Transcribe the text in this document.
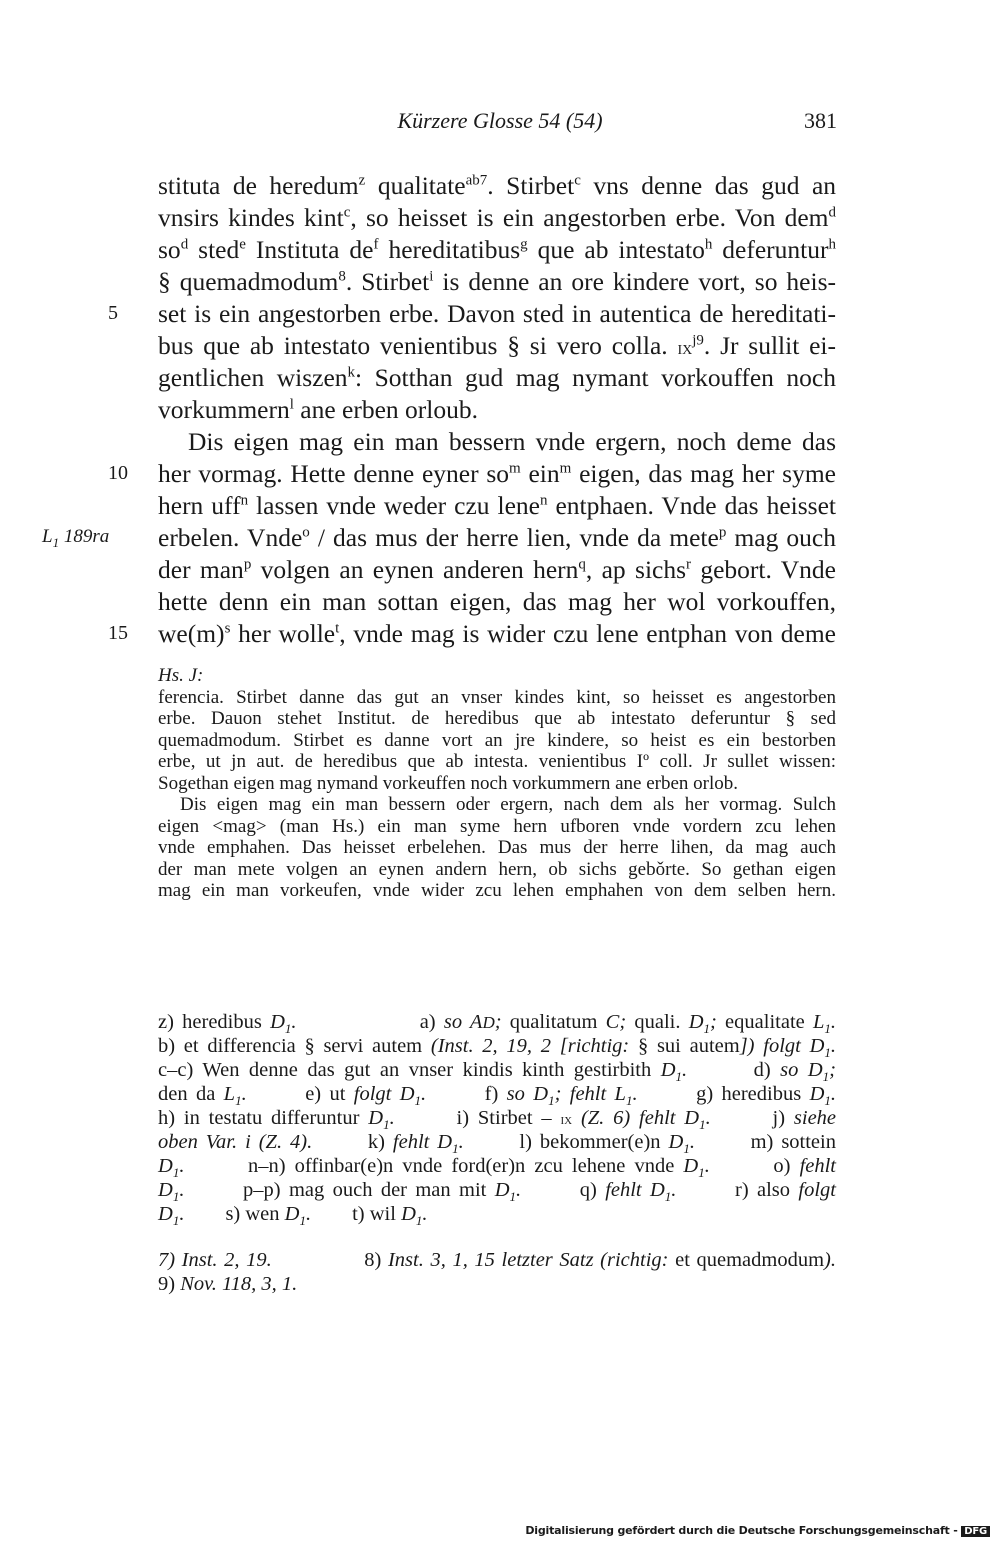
Kürzere Glosse 54 (54)	381
5
10
15
$L_1$ 189ra
stituta de heredum$^z$ qualitate$^{ab7}$. Stirbet$^c$ vns denne das gud an
vnsirs kindes kint$^c$, so heisset is ein angestorben erbe. Von dem$^d$
$so^d$ sted$^e$ Instituta $de^f$ hereditatibus$^g$ que ab intestato$^h$ deferuntur$^h$
§ quemadmodum$^8$. Stirbet$^i$ is denne an ore kindere vort, so heis-
set is ein angestorben erbe. Davon sted in autentica de hereditati-
bus que ab intestato venientibus § si vero colla. $ix^{j9}$. Jr sullit ei-
gentlichen wiszen$^k$: Sotthan gud mag nymant vorkouffen noch
vorkummern$^l$ ane erben orloub.
Dis eigen mag ein man bessern vnde ergern, noch deme das
her vormag. Hette denne eyner $so^m$ ein$^m$ eigen, das mag her syme
hern uff$^n$ lassen vnde weder czu lene$^n$ entphaen. Vnde das heisset
erbelen. Vnde$^o$ / das mus der herre lien, vnde da mete$^p$ mag ouch
der man$^p$ volgen an eynen anderen hern$^q$, ap sichs$^r$ gebort. Vnde
hette denn ein man sottan eigen, das mag her wol vorkouffen,
$we(m)^s$ her wolle$^t$, vnde mag is wider czu lene entphan von deme
Hs. J:
ferencia. Stirbet danne das gut an vnser kindes kint, so heisset es angestorben
erbe. Dauon stehet Institut. de heredibus que ab intestato deferuntur § sed
quemadmodum. Stirbet es danne vort an jre kindere, so heist es ein bestorben
erbe, ut jn aut. de heredibus que ab intesta. venientibus Iº coll. Jr sullet wissen:
Sogethan eigen mag nymand vorkeuffen noch vorkummern ane erben orlob.
Dis eigen mag ein man bessern oder ergern, nach dem als her vormag. Sulch
eigen <mag> (man Hs.) ein man syme hern ufboren vnde vordern zcu lehen
vnde emphahen. Das heisset erbelehen. Das mus der herre lihen, da mag auch
der man mete volgen an eynen andern hern, ob sichs gebǒrte. So gethan eigen
mag ein man vorkeufen, vnde wider zcu lehen emphahen von dem selben hern.
z) heredibus $D_1$.               a) so AD; qualitatum C; quali. $D_1$; equalitate $L_1$.
b) et differencia § servi autem (Inst. 2, 19, 2 [richtig: § sui autem]) folgt $D_1$.
c–c) Wen denne das gut an vnser kindis kinth gestirbith $D_1$.       d) so $D_1$;
den da $L_1$.       e) ut folgt $D_1$.       f) so $D_1$; fehlt $L_1$.       g) heredibus $D_1$.
h) in testatu differuntur $D_1$.       i) Stirbet – ix (Z. 6) fehlt $D_1$.       j) siehe
oben Var. i (Z. 4).       k) fehlt $D_1$.       l) bekommer(e)n $D_1$.       m) sottein
$D_1$.       n–n) offinbar(e)n vnde ford(er)n zcu lehene vnde $D_1$.       o) fehlt
$D_1$.       p–p) mag ouch der man mit $D_1$.       q) fehlt $D_1$.       r) also folgt
$D_1$.        s) wen $D_1$.        t) wil $D_1$.
7) Inst. 2, 19.              8) Inst. 3, 1, 15 letzter Satz (richtig: et quemadmodum).
9) Nov. 118, 3, 1.
Digitalisierung gefördert durch die Deutsche Forschungsgemeinschaft - DFG
